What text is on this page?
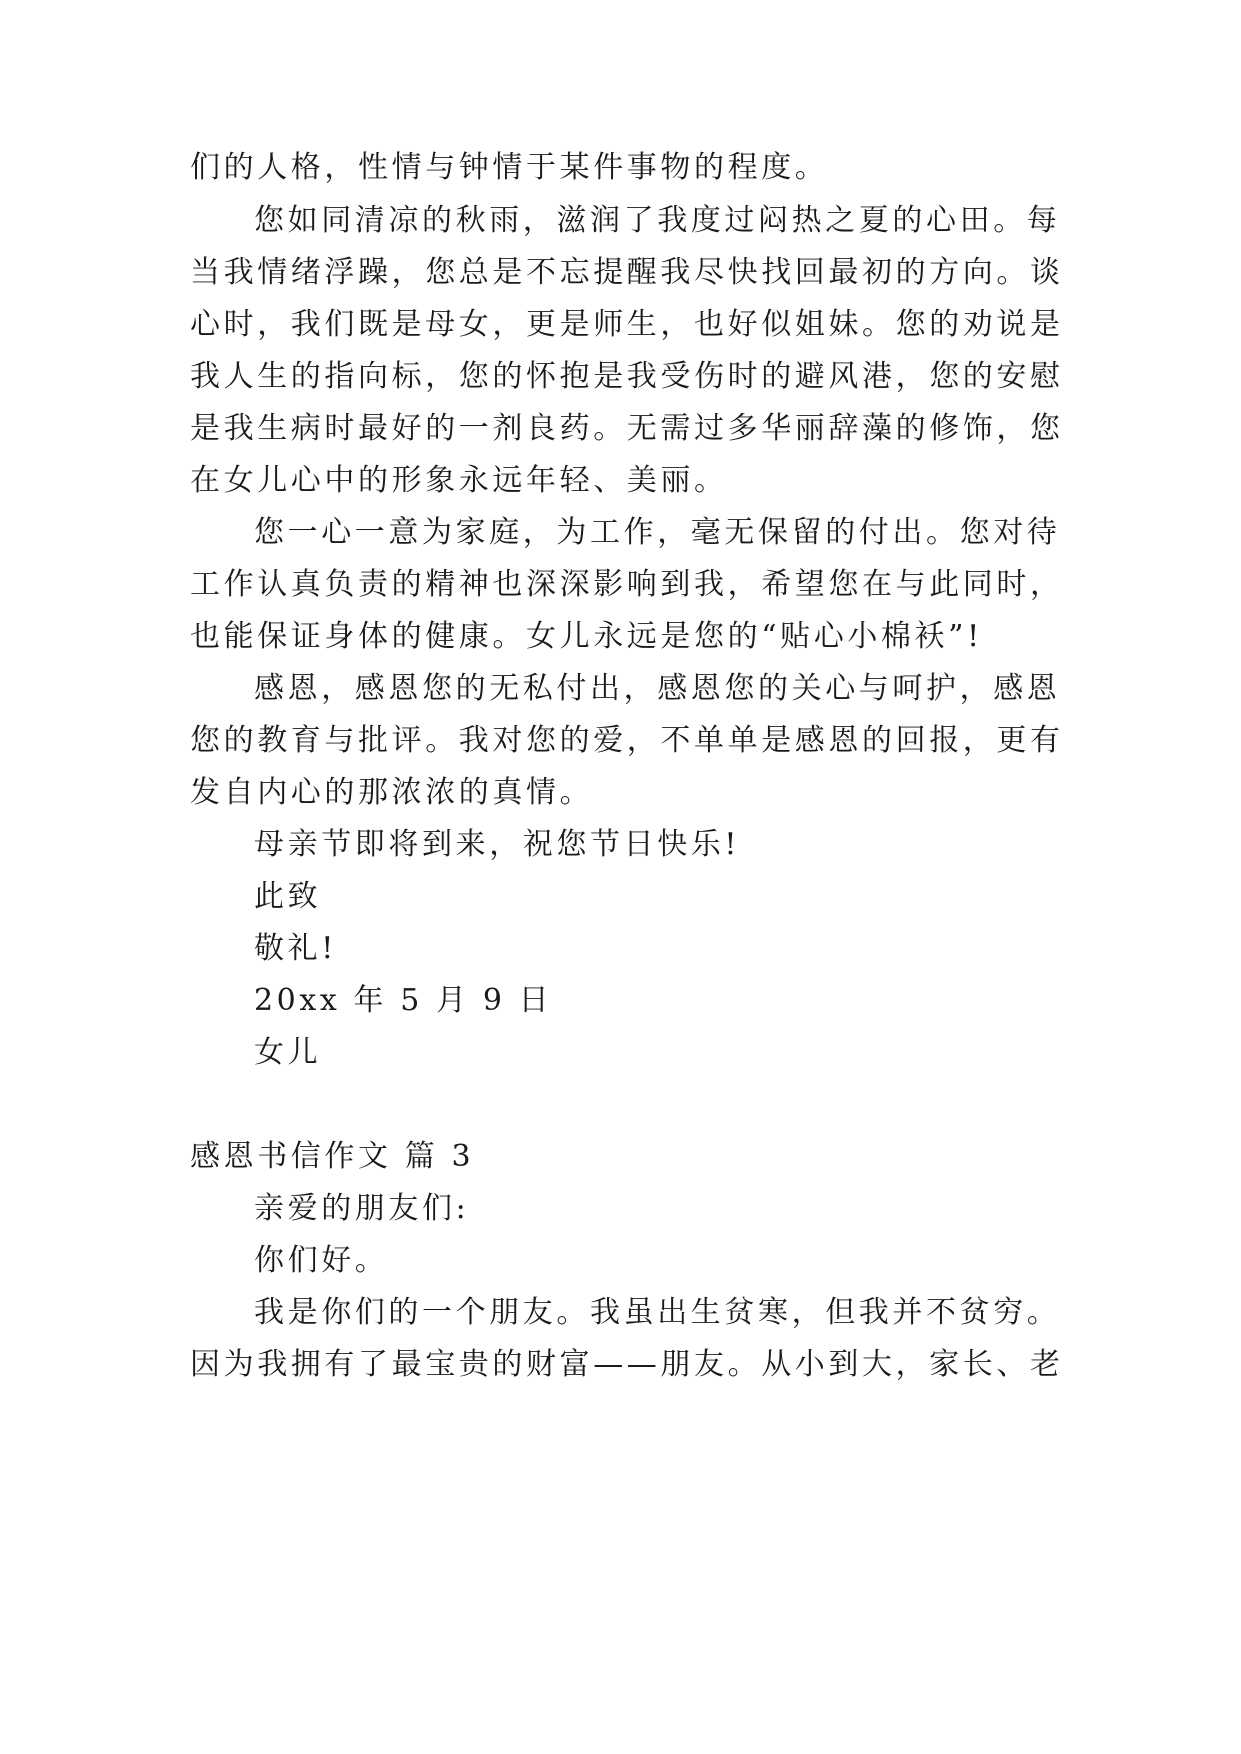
们的人格，性情与钟情于某件事物的程度。
您如同清凉的秋雨，滋润了我度过闷热之夏的心田。每
当我情绪浮躁，您总是不忘提醒我尽快找回最初的方向。谈
心时，我们既是母女，更是师生，也好似姐妹。您的劝说是
我人生的指向标，您的怀抱是我受伤时的避风港，您的安慰
是我生病时最好的一剂良药。无需过多华丽辞藻的修饰，您
在女儿心中的形象永远年轻、美丽。
您一心一意为家庭，为工作，毫无保留的付出。您对待
工作认真负责的精神也深深影响到我，希望您在与此同时，
也能保证身体的健康。女儿永远是您的“贴心小棉袄”!
感恩，感恩您的无私付出，感恩您的关心与呵护，感恩
您的教育与批评。我对您的爱，不单单是感恩的回报，更有
发自内心的那浓浓的真情。
母亲节即将到来，祝您节日快乐!
此致
敬礼!
20xx 年 5 月 9 日
女儿
感恩书信作文 篇 3
亲爱的朋友们:
你们好。
我是你们的一个朋友。我虽出生贫寒，但我并不贫穷。
因为我拥有了最宝贵的财富——朋友。从小到大，家长、老
